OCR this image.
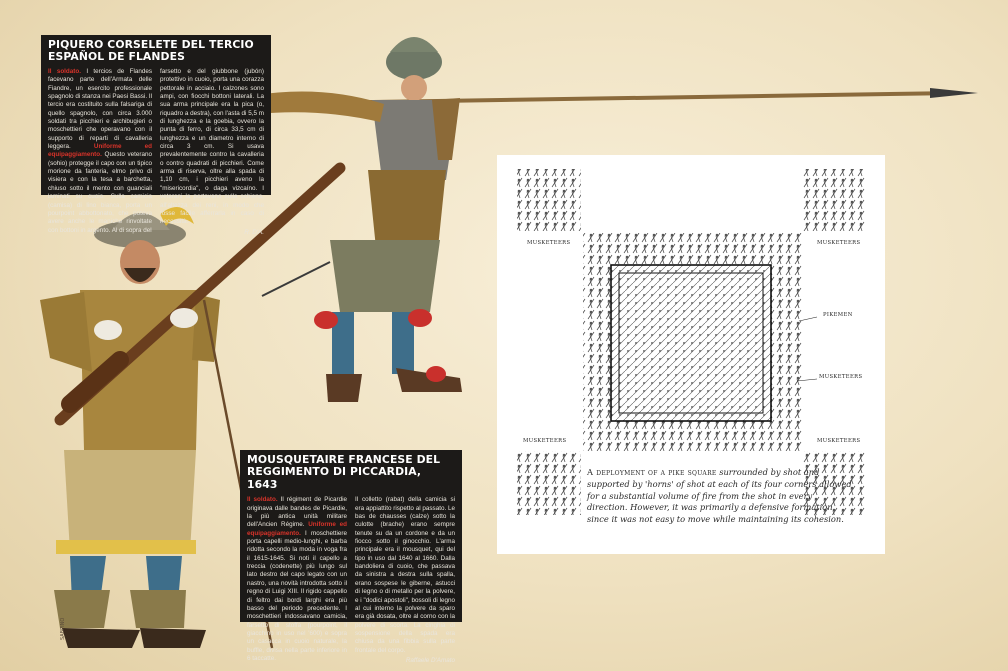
SABPINO
PIQUERO CORSELETE DEL TERCIO ESPAÑOL DE FLANDES
Il soldato. I tercios de Flandes facevano parte dell'Armata delle Fiandre, un esercito professionale spagnolo di stanza nei Paesi Bassi. Il tercio era costituito sulla falsariga di quello spagnolo, con circa 3.000 soldati tra picchieri e archibugieri o moschettieri che operavano con il supporto di reparti di cavalleria leggera.	Uniforme ed equipaggiamento. Questo veterano (sohio) protegge il capo con un tipico morione da fanteria, elmo privo di visiera e con la tesa a barchetta, chiuso sotto il mento con guanciali laminati su cuoio. Sulla camicia (camisa) di lino bianca, porta un pourpoint abbottonato, che poteva avere anche le maniche rinvoltate con bottoni in argento. Al di sopra del
farsetto e del giubbone (jubón) protettivo in cuoio, porta una corazza pettorale in acciaio. I calzones sono ampi, con fiocchi bottoni laterali. La sua arma principale era la pica (o, riquadro a destra), con l'asta di 5,5 m di lunghezza e la goebia, ovvero la punta di ferro, di circa 33,5 cm di lunghezza e un diametro interno di circa 3 cm. Si usava prevalentemente contro la cavalleria o contro quadrati di picchieri. Come arma di riserva, oltre alla spada di 1,10 cm, i picchieri aveno la "misericordia", o daga vizcaíno. I veterani la portavano sulla schiena, all'altezza dei reni, in modo che fosse facile afferrarla in caso di necessità.
R. D'A.
MOUSQUETAIRE FRANCESE DEL REGGIMENTO DI PICCARDIA, 1643
Il soldato. Il régiment de Picardie originava dalle bandes de Picardie, la più antica unità militare dell'Ancien Régime. Uniforme ed equipaggiamento. I moschettiere porta capelli medio-lunghi, e barba ridotta secondo la moda in voga fra il 1615-1645. Si noti il capello a treccia (codenette) più lungo sul lato destro del capo legato con un nastro, una novità introdotta sotto il regno di Luigi XIII. Il rigido cappello di feltro dai bordi larghi era più basso del periodo precedente. I moschettieri indossavano camicia, farsetto di stoffa (pourpoint, il giacchino in uso nel '600) e sopra un casacca in cuoio naturale, la buffle, divisa nella parte inferiore in 6 taccatte.
Il colletto (rabat) della camicia si era appiattito rispetto al passato. Le bas de chausses (calze) sotto la culotte (brache) erano sempre tenute su da un cordone e da un fiocco sotto il ginocchio. L'arma principale era il mousquet, qui del tipo in uso dal 1640 al 1660. Dalla bandoliera di cuoio, che passava da sinistra a destra sulla spalla, erano sospese le giberne, astucci di legno o di metallo per la polvere, e i "dodici apostoli", bossoli di legno al cui interno la polvere da sparo era già dosata, oltre al corno con la polvere di scorta. La cinghia di sospensione della spada era chiusa da una fibbia sulla parte frontale del corpo.
Raffaele D'Amato
MUSKETEERS	MUSKETEERS
PIKEMEN
MUSKETEERS
MUSKETEERS	MUSKETEERS
A deployment of a pike square surrounded by shot and supported by 'horns' of shot at each of its four corners allowed for a substantial volume of fire from the shot in every direction. However, it was primarily a defensive formation since it was not easy to move while maintaining its cohesion.
